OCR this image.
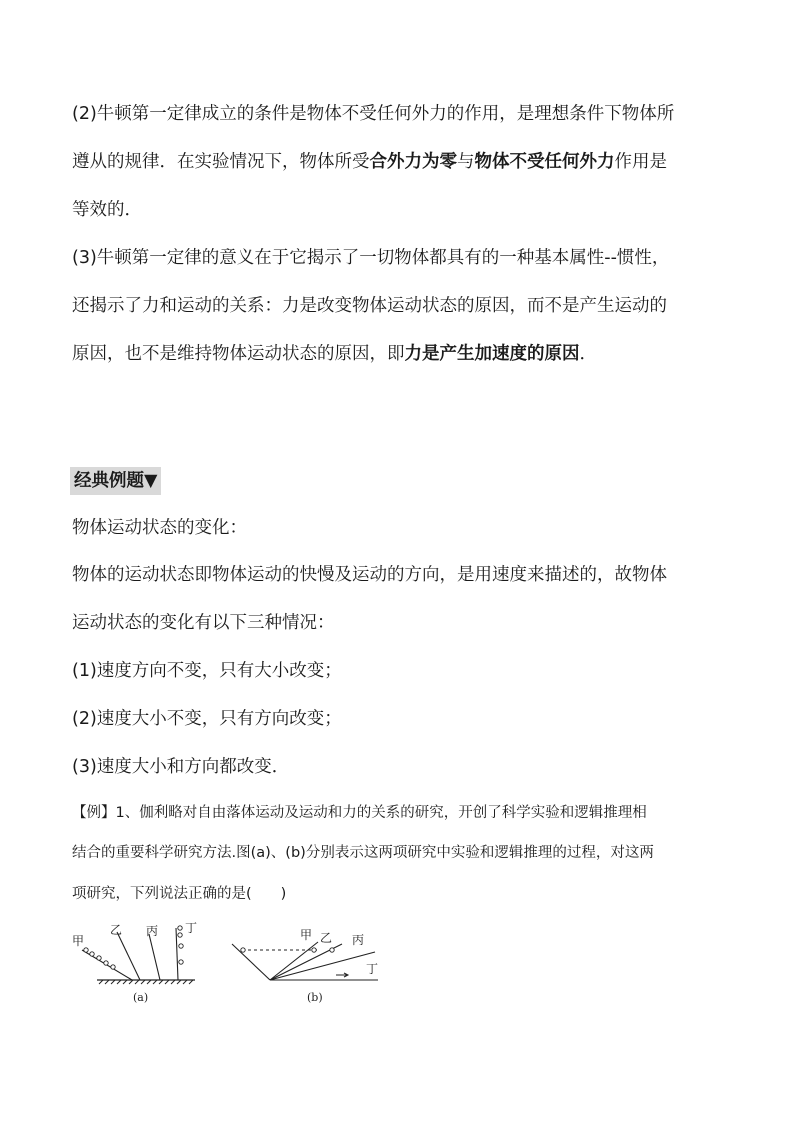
(2)牛顿第一定律成立的条件是物体不受任何外力的作用，是理想条件下物体所
遵从的规律．在实验情况下，物体所受合外力为零与物体不受任何外力作用是
等效的．
(3)牛顿第一定律的意义在于它揭示了一切物体都具有的一种基本属性--惯性，
还揭示了力和运动的关系：力是改变物体运动状态的原因，而不是产生运动的
原因，也不是维持物体运动状态的原因，即力是产生加速度的原因．
经典例题▼
物体运动状态的变化：
物体的运动状态即物体运动的快慢及运动的方向，是用速度来描述的，故物体
运动状态的变化有以下三种情况：
(1)速度方向不变，只有大小改变；
(2)速度大小不变，只有方向改变；
(3)速度大小和方向都改变．
【例】1、伽利略对自由落体运动及运动和力的关系的研究，开创了科学实验和逻辑推理相
结合的重要科学研究方法.图(a)、(b)分别表示这两项研究中实验和逻辑推理的过程，对这两
项研究，下列说法正确的是(　　)
甲
乙 丙 丁
(a)
甲 乙 丙
丁
(b)
